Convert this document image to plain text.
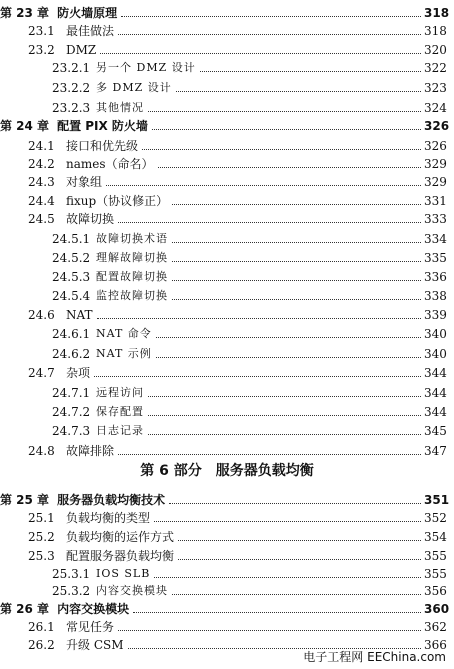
第 23 章 防火墙原理	318
23.1 最佳做法	318
23.2 DMZ	320
23.2.1 另一个 DMZ 设计	322
23.2.2 多 DMZ 设计	323
23.2.3 其他情况	324
第 24 章 配置 PIX 防火墙	326
24.1 接口和优先级	326
24.2 names（命名）	329
24.3 对象组	329
24.4 fixup（协议修正）	331
24.5 故障切换	333
24.5.1 故障切换术语	334
24.5.2 理解故障切换	335
24.5.3 配置故障切换	336
24.5.4 监控故障切换	338
24.6 NAT	339
24.6.1 NAT 命令	340
24.6.2 NAT 示例	340
24.7 杂项	344
24.7.1 远程访问	344
24.7.2 保存配置	344
24.7.3 日志记录	345
24.8 故障排除	347
第 6 部分　服务器负载均衡
第 25 章 服务器负载均衡技术	351
25.1 负载均衡的类型	352
25.2 负载均衡的运作方式	354
25.3 配置服务器负载均衡	355
25.3.1 IOS SLB	355
25.3.2 内容交换模块	356
第 26 章 内容交换模块	360
26.1 常见任务	362
26.2 升级 CSM	366
电子工程网 EEChina.com
